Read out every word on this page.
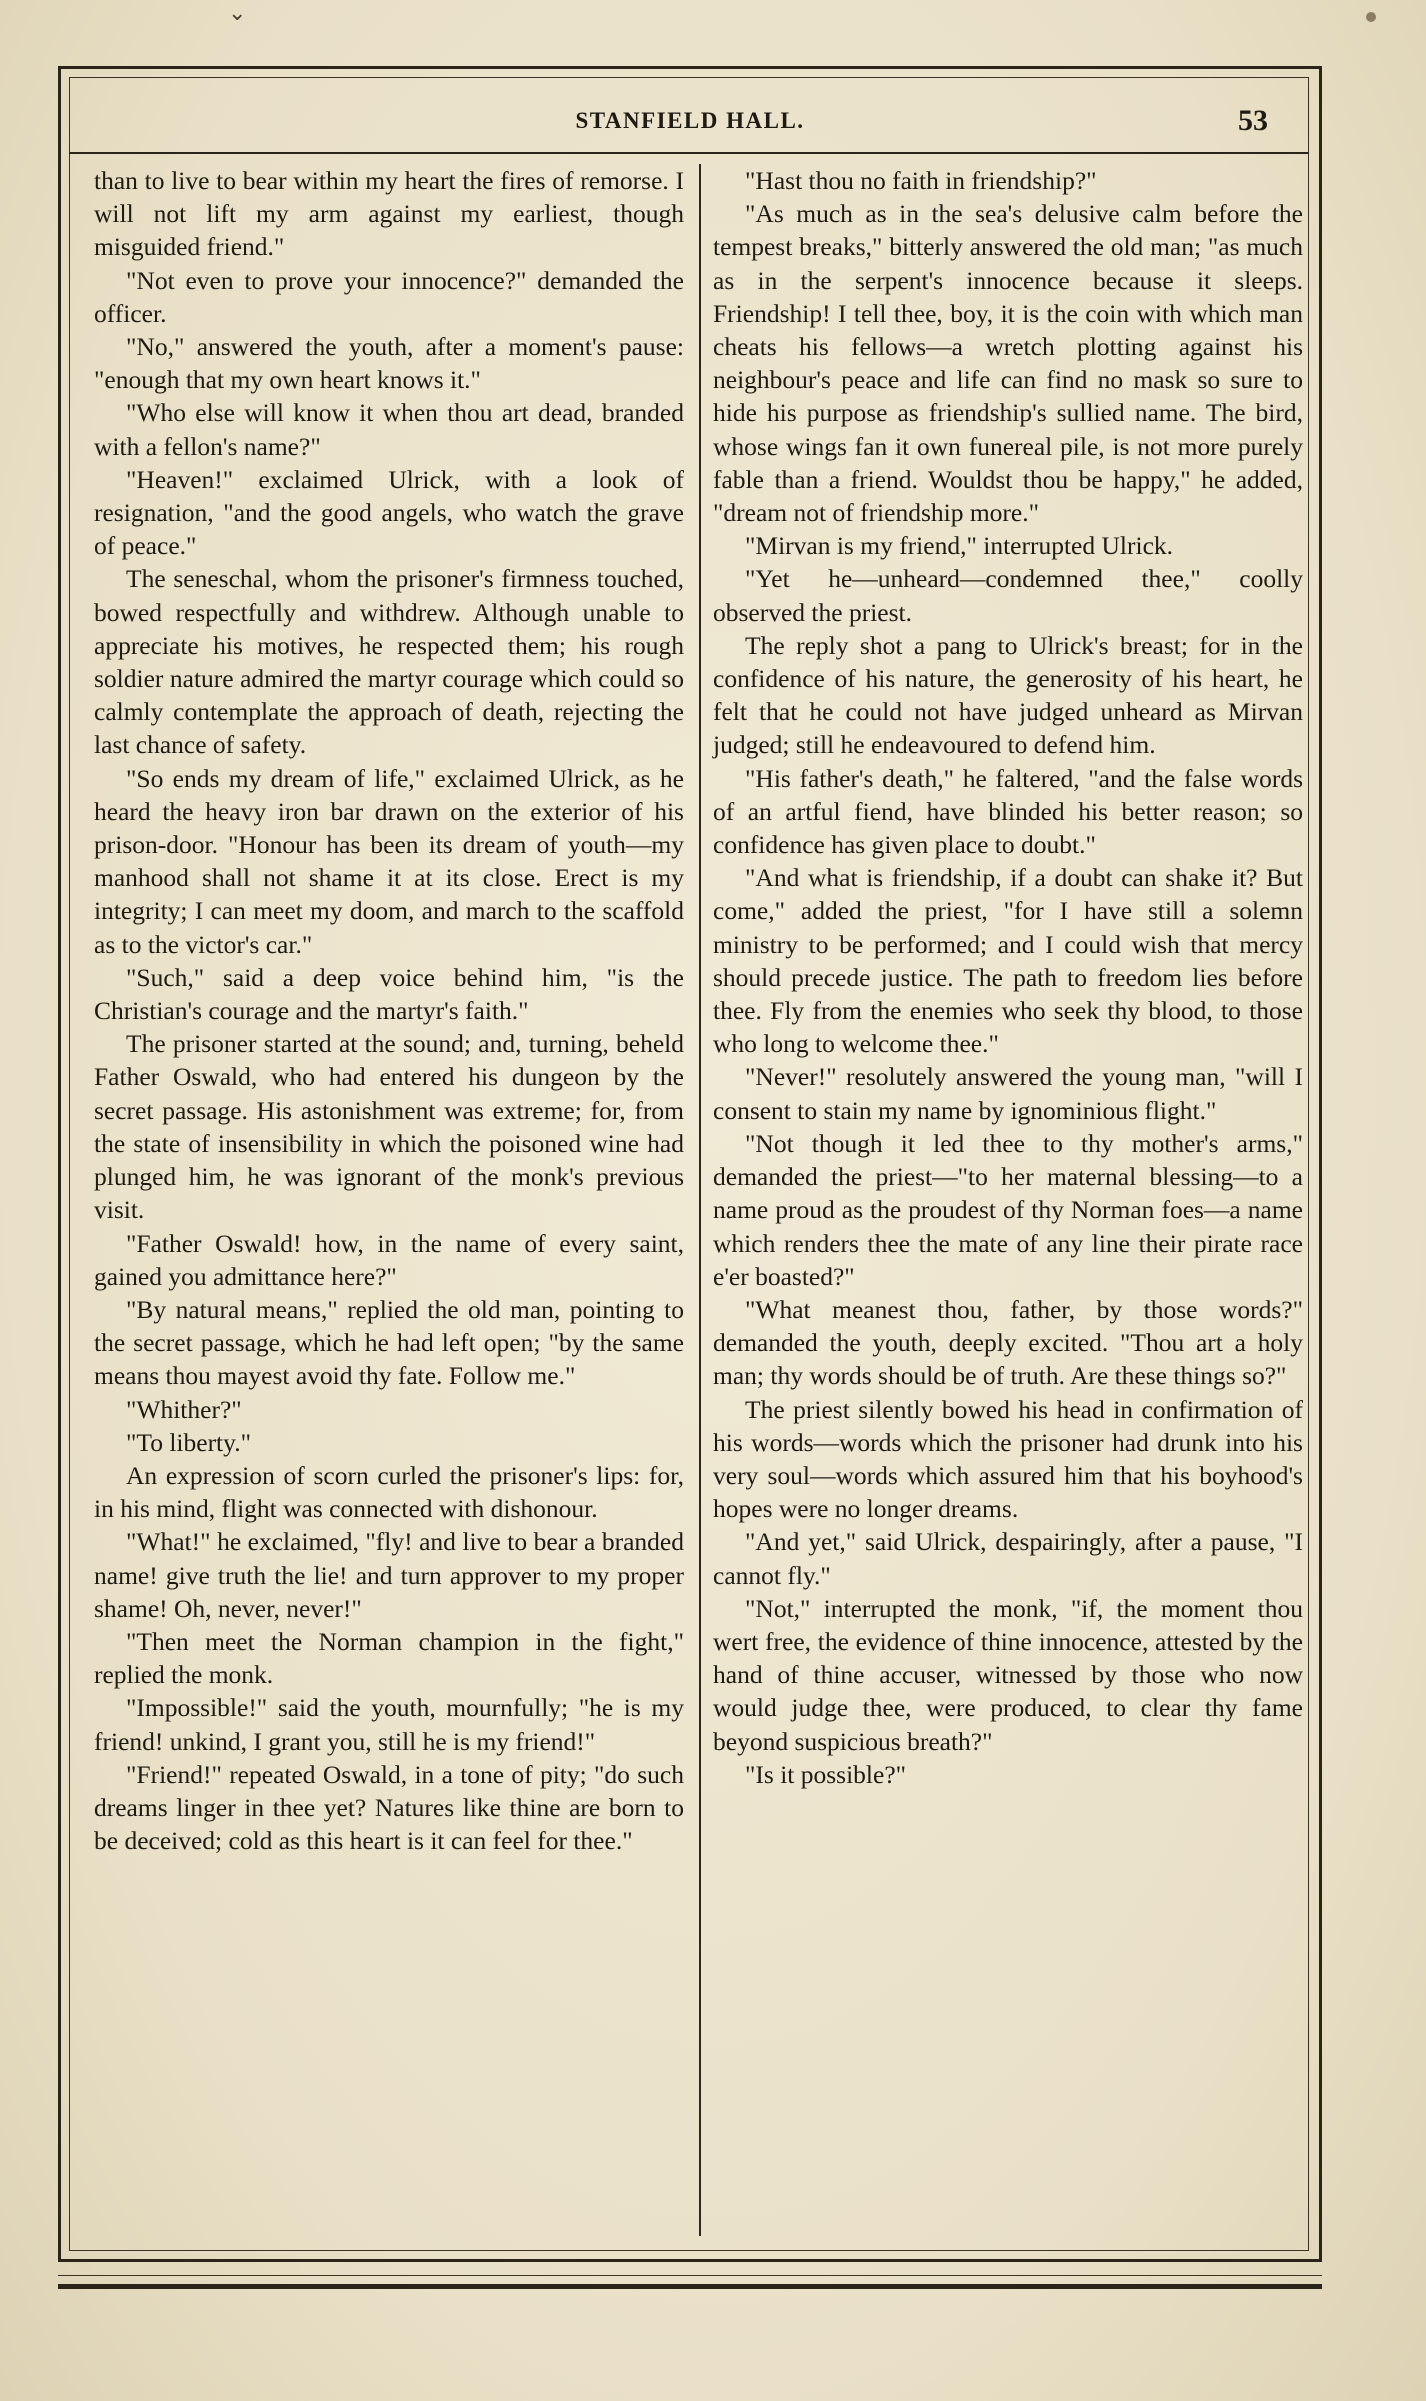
⌄
STANFIELD HALL.	53

than to live to bear within my heart the fires of remorse. I will not lift my arm against my earliest, though misguided friend."

"Not even to prove your innocence?" demanded the officer.

"No," answered the youth, after a moment's pause: "enough that my own heart knows it."

"Who else will know it when thou art dead, branded with a fellon's name?"

"Heaven!" exclaimed Ulrick, with a look of resignation, "and the good angels, who watch the grave of peace."

The seneschal, whom the prisoner's firmness touched, bowed respectfully and withdrew. Although unable to appreciate his motives, he respected them; his rough soldier nature admired the martyr courage which could so calmly contemplate the approach of death, rejecting the last chance of safety.

"So ends my dream of life," exclaimed Ulrick, as he heard the heavy iron bar drawn on the exterior of his prison-door. "Honour has been its dream of youth—my manhood shall not shame it at its close. Erect is my integrity; I can meet my doom, and march to the scaffold as to the victor's car."

"Such," said a deep voice behind him, "is the Christian's courage and the martyr's faith."

The prisoner started at the sound; and, turning, beheld Father Oswald, who had entered his dungeon by the secret passage. His astonishment was extreme; for, from the state of insensibility in which the poisoned wine had plunged him, he was ignorant of the monk's previous visit.

"Father Oswald! how, in the name of every saint, gained you admittance here?"

"By natural means," replied the old man, pointing to the secret passage, which he had left open; "by the same means thou mayest avoid thy fate. Follow me."

"Whither?"

"To liberty."

An expression of scorn curled the prisoner's lips: for, in his mind, flight was connected with dishonour.

"What!" he exclaimed, "fly! and live to bear a branded name! give truth the lie! and turn approver to my proper shame! Oh, never, never!"

"Then meet the Norman champion in the fight," replied the monk.

"Impossible!" said the youth, mournfully; "he is my friend! unkind, I grant you, still he is my friend!"

"Friend!" repeated Oswald, in a tone of pity; "do such dreams linger in thee yet? Natures like thine are born to be deceived; cold as this heart is it can feel for thee."

"Hast thou no faith in friendship?"

"As much as in the sea's delusive calm before the tempest breaks," bitterly answered the old man; "as much as in the serpent's innocence because it sleeps. Friendship! I tell thee, boy, it is the coin with which man cheats his fellows—a wretch plotting against his neighbour's peace and life can find no mask so sure to hide his purpose as friendship's sullied name. The bird, whose wings fan it own funereal pile, is not more purely fable than a friend. Wouldst thou be happy," he added, "dream not of friendship more."

"Mirvan is my friend," interrupted Ulrick.

"Yet he—unheard—condemned thee," coolly observed the priest.

The reply shot a pang to Ulrick's breast; for in the confidence of his nature, the generosity of his heart, he felt that he could not have judged unheard as Mirvan judged; still he endeavoured to defend him.

"His father's death," he faltered, "and the false words of an artful fiend, have blinded his better reason; so confidence has given place to doubt."

"And what is friendship, if a doubt can shake it? But come," added the priest, "for I have still a solemn ministry to be performed; and I could wish that mercy should precede justice. The path to freedom lies before thee. Fly from the enemies who seek thy blood, to those who long to welcome thee."

"Never!" resolutely answered the young man, "will I consent to stain my name by ignominious flight."

"Not though it led thee to thy mother's arms," demanded the priest—"to her maternal blessing—to a name proud as the proudest of thy Norman foes—a name which renders thee the mate of any line their pirate race e'er boasted?"

"What meanest thou, father, by those words?" demanded the youth, deeply excited. "Thou art a holy man; thy words should be of truth. Are these things so?"

The priest silently bowed his head in confirmation of his words—words which the prisoner had drunk into his very soul—words which assured him that his boyhood's hopes were no longer dreams.

"And yet," said Ulrick, despairingly, after a pause, "I cannot fly."

"Not," interrupted the monk, "if, the moment thou wert free, the evidence of thine innocence, attested by the hand of thine accuser, witnessed by those who now would judge thee, were produced, to clear thy fame beyond suspicious breath?"

"Is it possible?"
